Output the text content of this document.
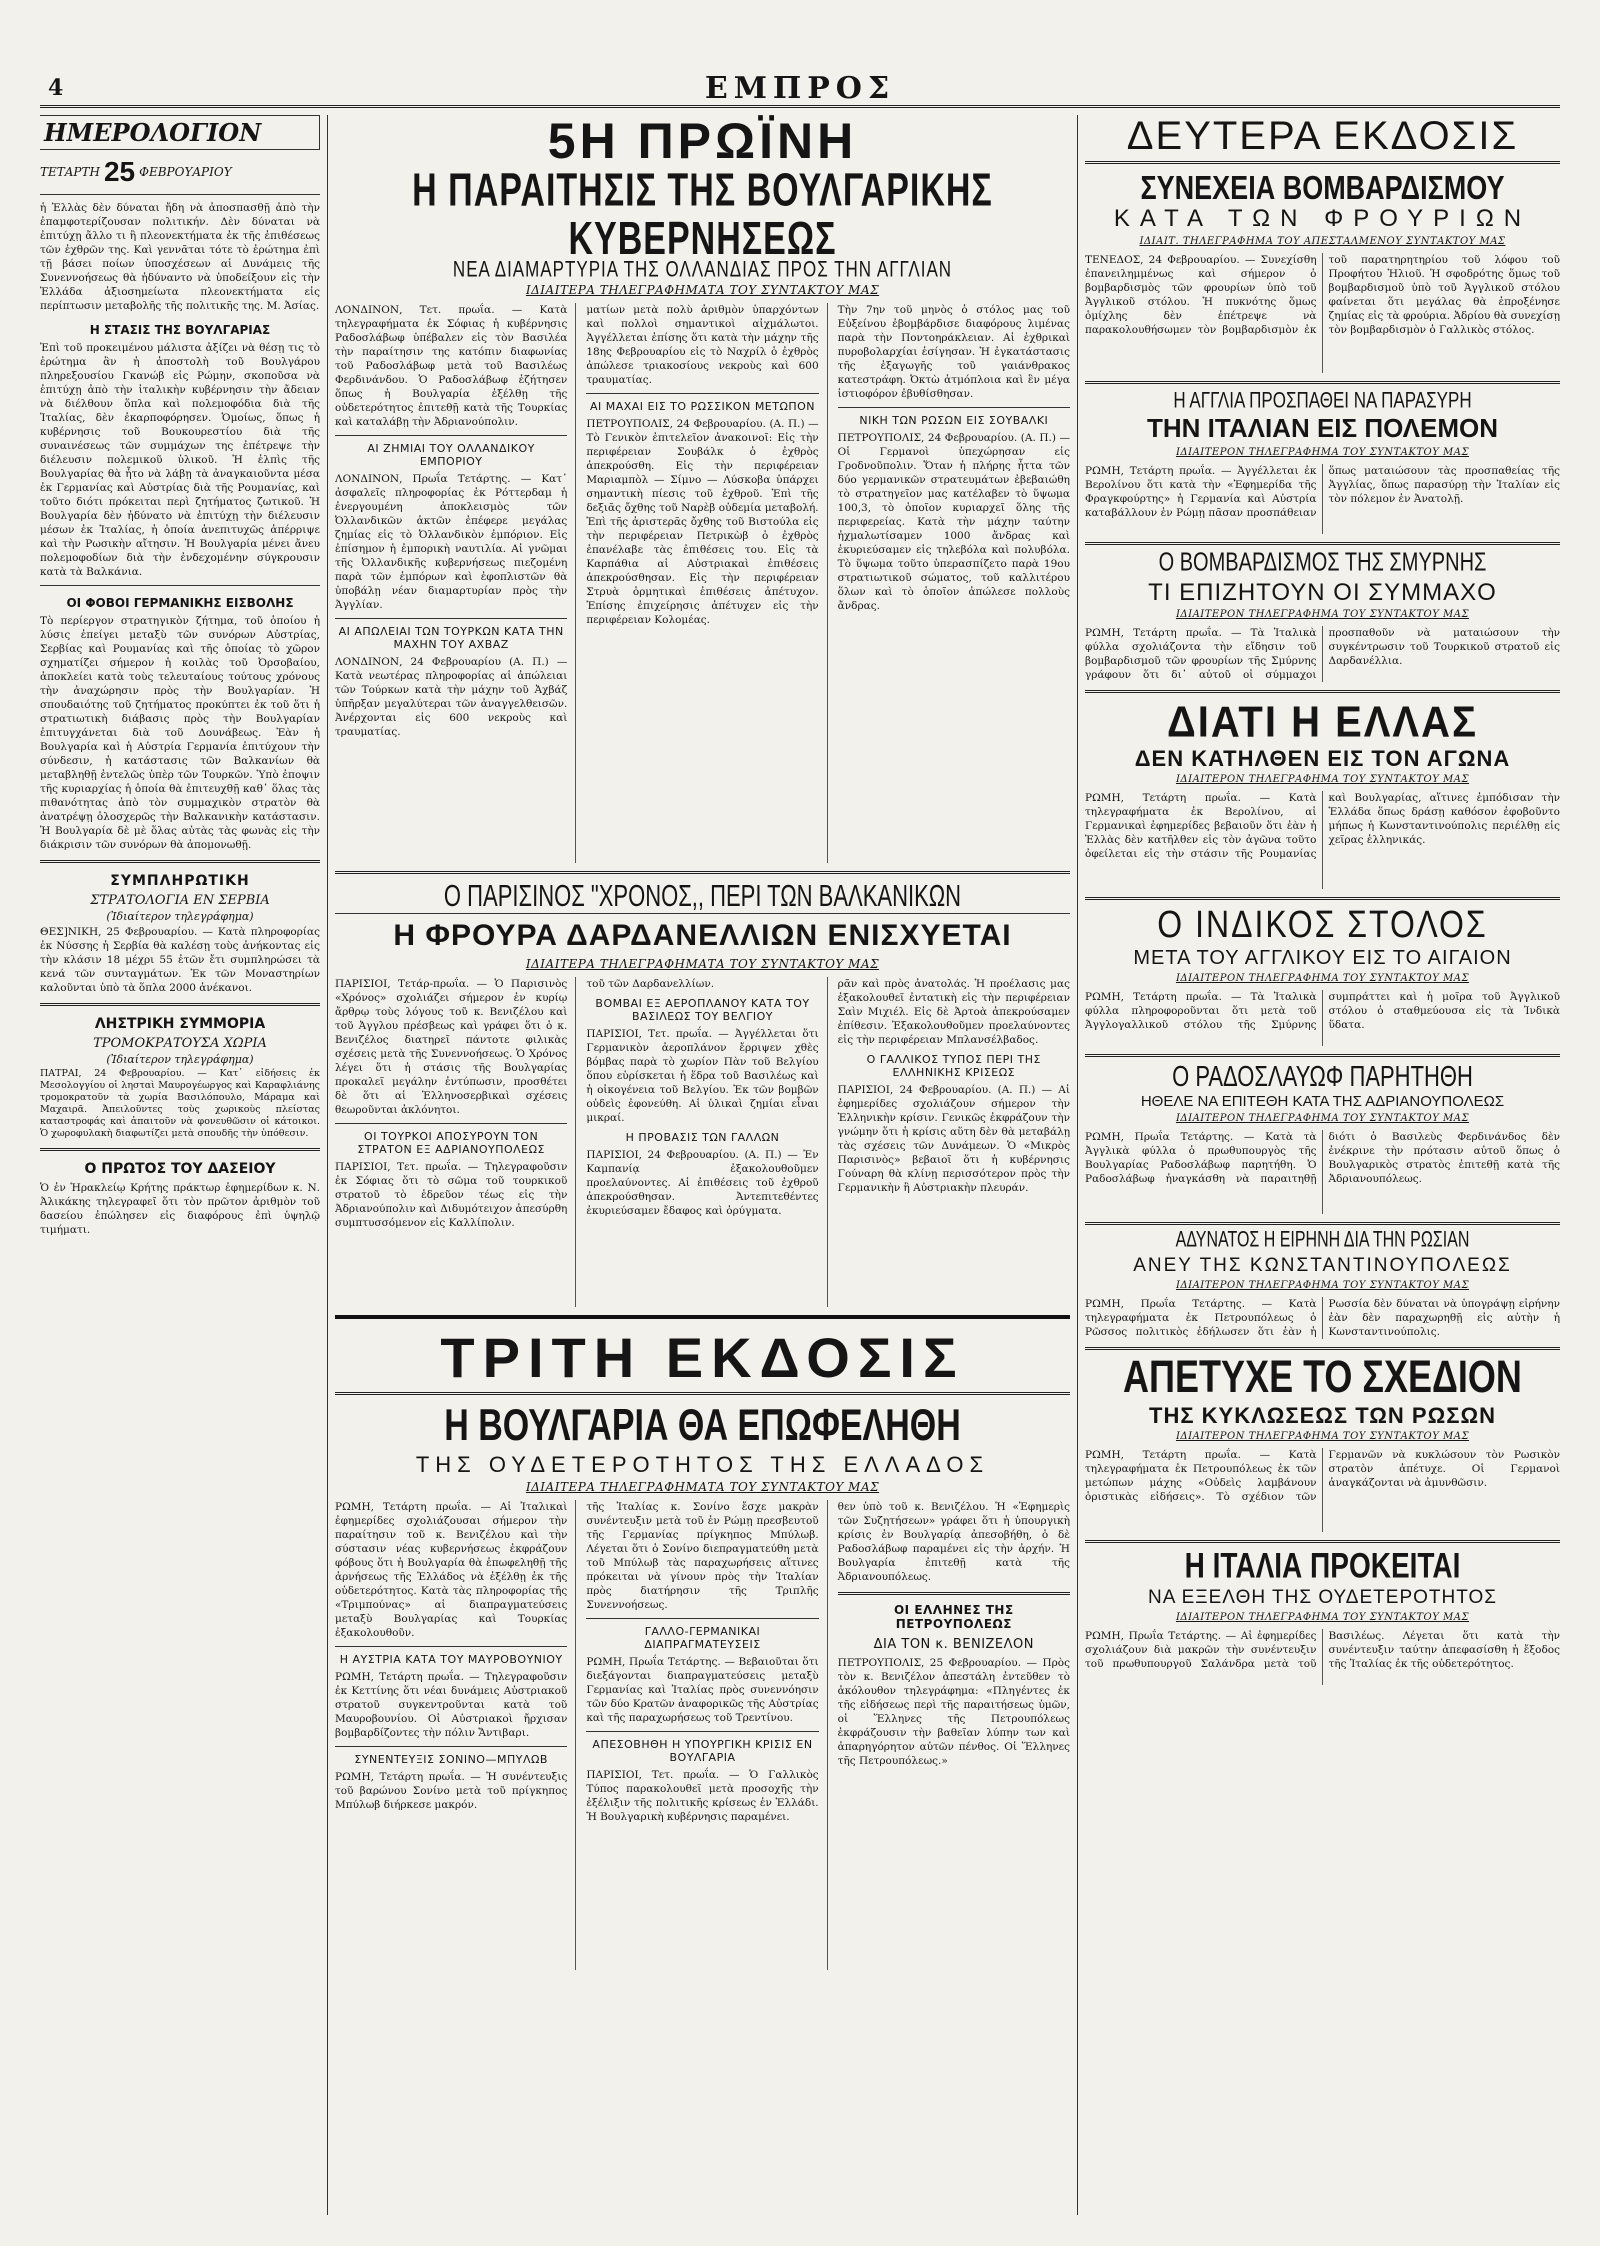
4	ΕΜΠΡΟΣ
ΗΜΕΡΟΛΟΓΙΟΝ
ΤΕΤΑΡΤΗ 25 ΦΕΒΡΟΥΑΡΙΟΥ

ἡ Ἑλλὰς δὲν δύναται ἤδη νὰ ἀποσπασθῇ ἀπὸ τὴν ἐπαμφοτερίζουσαν πολιτικήν. Δὲν δύναται νὰ ἐπιτύχῃ ἄλλο τι ἢ πλεονεκτήματα ἐκ τῆς ἐπιθέσεως τῶν ἐχθρῶν της. Καὶ γεννᾶται τότε τὸ ἐρώτημα ἐπὶ τῇ βάσει ποίων ὑποσχέσεων αἱ Δυνάμεις τῆς Συνεννοήσεως θὰ ἠδύναντο νὰ ὑποδείξουν εἰς τὴν Ἑλλάδα ἀξιοσημείωτα πλεονεκτήματα εἰς περίπτωσιν μεταβολῆς τῆς πολιτικῆς της. Μ. Ἀσίας.

Η ΣΤΑΣΙΣ ΤΗΣ ΒΟΥΛΓΑΡΙΑΣ

Ἐπὶ τοῦ προκειμένου μάλιστα ἀξίζει νὰ θέσῃ τις τὸ ἐρώτημα ἂν ἡ ἀποστολὴ τοῦ Βουλγάρου πληρεξουσίου Γκανώβ εἰς Ρώμην, σκοποῦσα νὰ ἐπιτύχῃ ἀπὸ τὴν ἰταλικὴν κυβέρνησιν τὴν ἄδειαν νὰ διέλθουν ὅπλα καὶ πολεμοφόδια διὰ τῆς Ἰταλίας, δὲν ἐκαρποφόρησεν. Ὁμοίως, ὅπως ἡ κυβέρνησις τοῦ Βουκουρεστίου διὰ τῆς συναινέσεως τῶν συμμάχων της ἐπέτρεψε τὴν διέλευσιν πολεμικοῦ ὑλικοῦ. Ἡ ἐλπὶς τῆς Βουλγαρίας θὰ ἦτο νὰ λάβῃ τὰ ἀναγκαιοῦντα μέσα ἐκ Γερμανίας καὶ Αὐστρίας διὰ τῆς Ρουμανίας, καὶ τοῦτο διότι πρόκειται περὶ ζητήματος ζωτικοῦ. Ἡ Βουλγαρία δὲν ἠδύνατο νὰ ἐπιτύχῃ τὴν διέλευσιν μέσων ἐκ Ἰταλίας, ἡ ὁποία ἀνεπιτυχῶς ἀπέρριψε καὶ τὴν Ρωσικὴν αἴτησιν. Ἡ Βουλγαρία μένει ἄνευ πολεμοφοδίων διὰ τὴν ἐνδεχομένην σύγκρουσιν κατὰ τὰ Βαλκάνια.

ΟΙ ΦΟΒΟΙ ΓΕΡΜΑΝΙΚΗΣ ΕΙΣΒΟΛΗΣ

Τὸ περίεργον στρατηγικὸν ζήτημα, τοῦ ὁποίου ἡ λύσις ἐπείγει μεταξὺ τῶν συνόρων Αὐστρίας, Σερβίας καὶ Ρουμανίας καὶ τῆς ὁποίας τὸ χῶρον σχηματίζει σήμερον ἡ κοιλὰς τοῦ Ὀρσοβαίου, ἀποκλείει κατὰ τοὺς τελευταίους τούτους χρόνους τὴν ἀναχώρησιν πρὸς τὴν Βουλγαρίαν. Ἡ σπουδαιότης τοῦ ζητήματος προκύπτει ἐκ τοῦ ὅτι ἡ στρατιωτικὴ διάβασις πρὸς τὴν Βουλγαρίαν ἐπιτυγχάνεται διὰ τοῦ Δουνάβεως. Ἐὰν ἡ Βουλγαρία καὶ ἡ Αὐστρία Γερμανία ἐπιτύχουν τὴν σύνδεσιν, ἡ κατάστασις τῶν Βαλκανίων θὰ μεταβληθῇ ἐντελῶς ὑπὲρ τῶν Τουρκῶν. Ὑπὸ ἐποψιν τῆς κυριαρχίας ἡ ὁποία θὰ ἐπιτευχθῇ καθ᾽ ὅλας τὰς πιθανότητας ἀπὸ τὸν συμμαχικὸν στρατὸν θὰ ἀνατρέψῃ ὁλοσχερῶς τὴν Βαλκανικὴν κατάστασιν. Ἡ Βουλγαρία δὲ μὲ ὅλας αὐτὰς τὰς φωνὰς εἰς τὴν διάκρισιν τῶν συνόρων θὰ ἀπομονωθῇ.

ΣΥΜΠΛΗΡΩΤΙΚΗ
ΣΤΡΑΤΟΛΟΓΙΑ ΕΝ ΣΕΡΒΙΑ
(Ἰδιαίτερον τηλεγράφημα)

ΘΕΣ]ΝΙΚΗ, 25 Φεβρουαρίου. — Κατὰ πληροφορίας ἐκ Νύσσης ἡ Σερβία θὰ καλέσῃ τοὺς ἀνήκοντας εἰς τὴν κλάσιν 18 μέχρι 55 ἐτῶν ἔτι συμπληρώσει τὰ κενά τῶν συνταγμάτων. Ἐκ τῶν Μοναστηρίων καλοῦνται ὑπὸ τὰ ὅπλα 2000 ἀνέκανοι.

ΛΗΣΤΡΙΚΗ ΣΥΜΜΟΡΙΑ
ΤΡΟΜΟΚΡΑΤΟΥΣΑ ΧΩΡΙΑ
(Ἰδιαίτερον τηλεγράφημα)

ΠΑΤΡΑΙ, 24 Φεβρουαρίου. — Κατ᾽ εἰδήσεις ἐκ Μεσολογγίου οἱ λησταὶ Μαυρογέωργος καὶ Καραφλιάνης τρομοκρατοῦν τὰ χωρία Βασιλόπουλο, Μάραμα καὶ Μαχαιρᾶ. Ἀπειλοῦντες τοὺς χωρικοὺς πλείστας καταστροφάς καὶ ἀπαιτοῦν νὰ φονευθῶσιν οἱ κάτοικοι. Ὁ χωροφυλακὴ διαφωτίζει μετὰ σπουδῆς τὴν ὑπόθεσιν.

Ο ΠΡΩΤΟΣ ΤΟΥ ΔΑΣΕΙΟΥ

Ὁ ἐν Ἡρακλείῳ Κρήτης πράκτωρ ἐφημερίδων κ. Ν. Ἀλικάκης τηλεγραφεῖ ὅτι τὸν πρῶτον ἀριθμὸν τοῦ δασείου ἐπώλησεν εἰς διαφόρους ἐπὶ ὑψηλῷ τιμήματι.

5Η ΠΡΩΪΝΗ
Η ΠΑΡΑΙΤΗΣΙΣ ΤΗΣ ΒΟΥΛΓΑΡΙΚΗΣ ΚΥΒΕΡΝΗΣΕΩΣ
ΝΕΑ ΔΙΑΜΑΡΤΥΡΙΑ ΤΗΣ ΟΛΛΑΝΔΙΑΣ ΠΡΟΣ ΤΗΝ ΑΓΓΛΙΑΝ
ΙΔΙΑΙΤΕΡΑ ΤΗΛΕΓΡΑΦΗΜΑΤΑ ΤΟΥ ΣΥΝΤΑΚΤΟΥ ΜΑΣ

ΛΟΝΔΙΝΟΝ, Τετ. πρωΐα. — Κατὰ τηλεγραφήματα ἐκ Σόφιας ἡ κυβέρνησις Ραδοσλάβωφ ὑπέβαλεν εἰς τὸν Βασιλέα τὴν παραίτησιν της κατόπιν διαφωνίας τοῦ Ραδοσλάβωφ μετὰ τοῦ Βασιλέως Φερδινάνδου. Ὁ Ραδοσλάβωφ ἐζήτησεν ὅπως ἡ Βουλγαρία ἐξέλθῃ τῆς οὐδετερότητος ἐπιτεθῇ κατὰ τῆς Τουρκίας καὶ καταλάβῃ τὴν Ἀδριανούπολιν.

ΑΙ ΖΗΜΙΑΙ ΤΟΥ ΟΛΛΑΝΔΙΚΟΥ ΕΜΠΟΡΙΟΥ

ΛΟΝΔΙΝΟΝ, Πρωΐα Τετάρτης. — Κατ᾽ ἀσφαλεῖς πληροφορίας ἐκ Ρόττερδαμ ἡ ἐνεργουμένη ἀποκλεισμὸς τῶν Ὀλλανδικῶν ἀκτῶν ἐπέφερε μεγάλας ζημίας εἰς τὸ Ὀλλανδικὸν ἐμπόριον. Εἰς ἐπίσημον ἡ ἐμπορικὴ ναυτιλία. Αἱ γνῶμαι τῆς Ὀλλανδικῆς κυβερνήσεως πιεζομένη παρὰ τῶν ἐμπόρων καὶ ἐφοπλιστῶν θὰ ὑποβάλῃ νέαν διαμαρτυρίαν πρὸς τὴν Ἀγγλίαν.

ΑΙ ΑΠΩΛΕΙΑΙ ΤΩΝ ΤΟΥΡΚΩΝ ΚΑΤΑ ΤΗΝ ΜΑΧΗΝ ΤΟΥ ΑΧΒΑΖ

ΛΟΝΔΙΝΟΝ, 24 Φεβρουαρίου (Α. Π.) — Κατὰ νεωτέρας πληροφορίας αἱ ἀπώλειαι τῶν Τούρκων κατὰ τὴν μάχην τοῦ Ἀχβάζ ὑπῆρξαν μεγαλύτεραι τῶν ἀναγγελθεισῶν. Ἀνέρχονται εἰς 600 νεκροὺς καὶ τραυματίας.

ματίων μετὰ πολὺ ἀριθμὸν ὑπαρχόντων καὶ πολλοὶ σημαντικοὶ αἰχμάλωτοι. Ἀγγέλλεται ἐπίσης ὅτι κατὰ τὴν μάχην τῆς 18ης Φεβρουαρίου εἰς τὸ Ναχρίλ ὁ ἐχθρὸς ἀπώλεσε τριακοσίους νεκροὺς καὶ 600 τραυματίας.

ΑΙ ΜΑΧΑΙ ΕΙΣ ΤΟ ΡΩΣΣΙΚΟΝ ΜΕΤΩΠΟΝ

ΠΕΤΡΟΥΠΟΛΙΣ, 24 Φεβρουαρίου. (Α. Π.) — Τὸ Γενικὸν ἐπιτελεῖον ἀνακοινοῖ: Εἰς τὴν περιφέρειαν Σουβάλκ ὁ ἐχθρὸς ἀπεκρούσθη. Εἰς τὴν περιφέρειαν Μαριαμπὸλ — Σίμνο — Λύσκοβα ὑπάρχει σημαντικὴ πίεσις τοῦ ἐχθροῦ. Ἐπὶ τῆς δεξιᾶς ὄχθης τοῦ Ναρὲβ οὐδεμία μεταβολή. Ἐπὶ τῆς ἀριστερᾶς ὄχθης τοῦ Βιστούλα εἰς τὴν περιφέρειαν Πετρικὼβ ὁ ἐχθρὸς ἐπανέλαβε τὰς ἐπιθέσεις του. Εἰς τὰ Καρπάθια αἱ Αὐστριακαὶ ἐπιθέσεις ἀπεκρούσθησαν. Εἰς τὴν περιφέρειαν Στρυὰ ὁρμητικαὶ ἐπιθέσεις ἀπέτυχον. Ἐπίσης ἐπιχείρησις ἀπέτυχεν εἰς τὴν περιφέρειαν Κολομέας.

Τὴν 7ην τοῦ μηνὸς ὁ στόλος μας τοῦ Εὐξείνου ἐβομβάρδισε διαφόρους λιμένας παρὰ τὴν Ποντοηράκλειαν. Αἱ ἐχθρικαὶ πυροβολαρχίαι ἐσίγησαν. Ἡ ἐγκατάστασις τῆς ἐξαγωγῆς τοῦ γαιάνθρακος κατεστράφη. Ὀκτὼ ἀτμόπλοια καὶ ἓν μέγα ἱστιοφόρον ἐβυθίσθησαν.

ΝΙΚΗ ΤΩΝ ΡΩΣΩΝ ΕΙΣ ΣΟΥΒΑΛΚΙ

ΠΕΤΡΟΥΠΟΛΙΣ, 24 Φεβρουαρίου. (Α. Π.) — Οἱ Γερμανοὶ ὑπεχώρησαν εἰς Γροδνοῦπολιν. Ὅταν ἡ πλήρης ἧττα τῶν δύο γερμανικῶν στρατευμάτων ἐβεβαιώθη τὸ στρατηγεῖον μας κατέλαβεν τὸ ὕψωμα 100,3, τὸ ὁποῖον κυριαρχεῖ ὅλης τῆς περιφερείας. Κατὰ τὴν μάχην ταύτην ἠχμαλωτίσαμεν 1000 ἄνδρας καὶ ἐκυριεύσαμεν εἰς τηλεβόλα καὶ πολυβόλα. Τὸ ὕψωμα τοῦτο ὑπερασπίζετο παρὰ 19ου στρατιωτικοῦ σώματος, τοῦ καλλιτέρου ὅλων καὶ τὸ ὁποῖον ἀπώλεσε πολλοὺς ἄνδρας.

Ο ΠΑΡΙΣΙΝΟΣ "ΧΡΟΝΟΣ,, ΠΕΡΙ ΤΩΝ ΒΑΛΚΑΝΙΚΩΝ
Η ΦΡΟΥΡΑ ΔΑΡΔΑΝΕΛΛΙΩΝ ΕΝΙΣΧΥΕΤΑΙ
ΙΔΙΑΙΤΕΡΑ ΤΗΛΕΓΡΑΦΗΜΑΤΑ ΤΟΥ ΣΥΝΤΑΚΤΟΥ ΜΑΣ

ΠΑΡΙΣΙΟΙ, Τετάρ-πρωΐα. — Ὁ Παρισινὸς «Χρόνος» σχολιάζει σήμερον ἐν κυρίῳ ἄρθρῳ τοὺς λόγους τοῦ κ. Βενιζέλου καὶ τοῦ Ἀγγλου πρέσβεως καὶ γράφει ὅτι ὁ κ. Βενιζέλος διατηρεῖ πάντοτε φιλικὰς σχέσεις μετὰ τῆς Συνεννοήσεως. Ὁ Χρόνος λέγει ὅτι ἡ στάσις τῆς Βουλγαρίας προκαλεῖ μεγάλην ἐντύπωσιν, προσθέτει δὲ ὅτι αἱ Ἑλληνοσερβικαὶ σχέσεις θεωροῦνται ἀκλόνητοι.

ΟΙ ΤΟΥΡΚΟΙ ΑΠΟΣΥΡΟΥΝ ΤΟΝ ΣΤΡΑΤΟΝ ΕΞ ΑΔΡΙΑΝΟΥΠΟΛΕΩΣ

ΠΑΡΙΣΙΟΙ, Τετ. πρωΐα. — Τηλεγραφοῦσιν ἐκ Σόφιας ὅτι τὸ σῶμα τοῦ τουρκικοῦ στρατοῦ τὸ ἑδρεῦον τέως εἰς τὴν Ἀδριανούπολιν καὶ Διδυμότειχον ἀπεσύρθη συμπτυσσόμενον εἰς Καλλίπολιν.

τοῦ τῶν Δαρδανελλίων.

ΒΟΜΒΑΙ ΕΞ ΑΕΡΟΠΛΑΝΟΥ ΚΑΤΑ ΤΟΥ ΒΑΣΙΛΕΩΣ ΤΟΥ ΒΕΛΓΙΟΥ

ΠΑΡΙΣΙΟΙ, Τετ. πρωΐα. — Ἀγγέλλεται ὅτι Γερμανικὸν ἀεροπλάνον ἔρριψεν χθὲς βόμβας παρὰ τὸ χωρίον Πὰν τοῦ Βελγίου ὅπου εὑρίσκεται ἡ ἕδρα τοῦ Βασιλέως καὶ ἡ οἰκογένεια τοῦ Βελγίου. Ἐκ τῶν βομβῶν οὐδεὶς ἐφονεύθη. Αἱ ὑλικαὶ ζημίαι εἶναι μικραί.

Η ΠΡΟΒΑΣΙΣ ΤΩΝ ΓΑΛΛΩΝ

ΠΑΡΙΣΙΟΙ, 24 Φεβρουαρίου. (Α. Π.) — Ἐν Καμπανίᾳ ἐξακολουθοῦμεν προελαύνοντες. Αἱ ἐπιθέσεις τοῦ ἐχθροῦ ἀπεκρούσθησαν. Ἀντεπιτεθέντες ἐκυριεύσαμεν ἔδαφος καὶ ὀρύγματα.

ρᾶν καὶ πρὸς ἀνατολάς. Ἡ προέλασις μας ἐξακολουθεῖ ἐντατικὴ εἰς τὴν περιφέρειαν Σαὶν Μιχιέλ. Εἰς δὲ Ἀρτοὰ ἀπεκρούσαμεν ἐπίθεσιν. Ἐξακολουθοῦμεν προελαύνοντες εἰς τὴν περιφέρειαν Μπλανσέλβαδος.

Ο ΓΑΛΛΙΚΟΣ ΤΥΠΟΣ ΠΕΡΙ ΤΗΣ ΕΛΛΗΝΙΚΗΣ ΚΡΙΣΕΩΣ

ΠΑΡΙΣΙΟΙ, 24 Φεβρουαρίου. (Α. Π.) — Αἱ ἐφημερίδες σχολιάζουν σήμερον τὴν Ἑλληνικὴν κρίσιν. Γενικῶς ἐκφράζουν τὴν γνώμην ὅτι ἡ κρίσις αὕτη δὲν θὰ μεταβάλῃ τὰς σχέσεις τῶν Δυνάμεων. Ὁ «Μικρὸς Παρισινὸς» βεβαιοῖ ὅτι ἡ κυβέρνησις Γούναρη θὰ κλίνῃ περισσότερον πρὸς τὴν Γερμανικὴν ἢ Αὐστριακὴν πλευράν.

ΤΡΙΤΗ ΕΚΔΟΣΙΣ
Η ΒΟΥΛΓΑΡΙΑ ΘΑ ΕΠΩΦΕΛΗΘΗ
ΤΗΣ ΟΥΔΕΤΕΡΟΤΗΤΟΣ ΤΗΣ ΕΛΛΑΔΟΣ
ΙΔΙΑΙΤΕΡΑ ΤΗΛΕΓΡΑΦΗΜΑΤΑ ΤΟΥ ΣΥΝΤΑΚΤΟΥ ΜΑΣ

ΡΩΜΗ, Τετάρτη πρωΐα. — Αἱ Ἰταλικαὶ ἐφημερίδες σχολιάζουσαι σήμερον τὴν παραίτησιν τοῦ κ. Βενιζέλου καὶ τὴν σύστασιν νέας κυβερνήσεως ἐκφράζουν φόβους ὅτι ἡ Βουλγαρία θὰ ἐπωφεληθῇ τῆς ἀρνήσεως τῆς Ἑλλάδος νὰ ἐξέλθῃ ἐκ τῆς οὐδετερότητος. Κατὰ τὰς πληροφορίας τῆς «Τριμπούνας» αἱ διαπραγματεύσεις μεταξὺ Βουλγαρίας καὶ Τουρκίας ἐξακολουθοῦν.

Η ΑΥΣΤΡΙΑ ΚΑΤΑ ΤΟΥ ΜΑΥΡΟΒΟΥΝΙΟΥ

ΡΩΜΗ, Τετάρτη πρωΐα. — Τηλεγραφοῦσιν ἐκ Κεττίνης ὅτι νέαι δυνάμεις Αὐστριακοῦ στρατοῦ συγκεντροῦνται κατὰ τοῦ Μαυροβουνίου. Οἱ Αὐστριακοὶ ἤρχισαν βομβαρδίζοντες τὴν πόλιν Ἄντιβαρι.

ΣΥΝΕΝΤΕΥΞΙΣ ΣΟΝΙΝΟ—ΜΠΥΛΩΒ

ΡΩΜΗ, Τετάρτη πρωΐα. — Ἡ συνέντευξις τοῦ βαρώνου Σονίνο μετὰ τοῦ πρίγκηπος Μπύλωβ διήρκεσε μακρόν.

τῆς Ἰταλίας κ. Σονίνο ἔσχε μακρὰν συνέντευξιν μετὰ τοῦ ἐν Ρώμῃ πρεσβευτοῦ τῆς Γερμανίας πρίγκηπος Μπύλωβ. Λέγεται ὅτι ὁ Σονίνο διεπραγματεύθη μετὰ τοῦ Μπύλωβ τὰς παραχωρήσεις αἵτινες πρόκειται νὰ γίνουν πρὸς τὴν Ἰταλίαν πρὸς διατήρησιν τῆς Τριπλῆς Συνεννοήσεως.

ΓΑΛΛΟ-ΓΕΡΜΑΝΙΚΑΙ ΔΙΑΠΡΑΓΜΑΤΕΥΣΕΙΣ

ΡΩΜΗ, Πρωΐα Τετάρτης. — Βεβαιοῦται ὅτι διεξάγονται διαπραγματεύσεις μεταξὺ Γερμανίας καὶ Ἰταλίας πρὸς συνεννόησιν τῶν δύο Κρατῶν ἀναφορικῶς τῆς Αὐστρίας καὶ τῆς παραχωρήσεως τοῦ Τρεντίνου.

ΑΠΕΣΟΒΗΘΗ Η ΥΠΟΥΡΓΙΚΗ ΚΡΙΣΙΣ ΕΝ ΒΟΥΛΓΑΡΙΑ

ΠΑΡΙΣΙΟΙ, Τετ. πρωΐα. — Ὁ Γαλλικὸς Τύπος παρακολουθεῖ μετὰ προσοχῆς τὴν ἐξέλιξιν τῆς πολιτικῆς κρίσεως ἐν Ἑλλάδι. Ἡ Βουλγαρικὴ κυβέρνησις παραμένει.

θεν ὑπὸ τοῦ κ. Βενιζέλου. Ἡ «Ἐφημερὶς τῶν Συζητήσεων» γράφει ὅτι ἡ ὑπουργικὴ κρίσις ἐν Βουλγαρίᾳ ἀπεσοβήθη, ὁ δὲ Ραδοσλάβωφ παραμένει εἰς τὴν ἀρχήν. Ἡ Βουλγαρία ἐπιτεθῇ κατὰ τῆς Ἀδριανουπόλεως.

ΟΙ ΕΛΛΗΝΕΣ ΤΗΣ ΠΕΤΡΟΥΠΟΛΕΩΣ
ΔΙΑ ΤΟΝ κ. ΒΕΝΙΖΕΛΟΝ

ΠΕΤΡΟΥΠΟΛΙΣ, 25 Φεβρουαρίου. — Πρὸς τὸν κ. Βενιζέλον ἀπεστάλη ἐντεῦθεν τὸ ἀκόλουθον τηλεγράφημα: «Πληγέντες ἐκ τῆς εἰδήσεως περὶ τῆς παραιτήσεως ὑμῶν, οἱ Ἕλληνες τῆς Πετρουπόλεως ἐκφράζουσιν τὴν βαθεῖαν λύπην των καὶ ἀπαρηγόρητον αὐτῶν πένθος. Οἱ Ἕλληνες τῆς Πετρουπόλεως.»

ΔΕΥΤΕΡΑ ΕΚΔΟΣΙΣ
ΣΥΝΕΧΕΙΑ ΒΟΜΒΑΡΔΙΣΜΟΥ
ΚΑΤΑ ΤΩΝ ΦΡΟΥΡΙΩΝ
ΙΔΙΑΙΤ. ΤΗΛΕΓΡΑΦΗΜΑ ΤΟΥ ΑΠΕΣΤΑΛΜΕΝΟΥ ΣΥΝΤΑΚΤΟΥ ΜΑΣ

ΤΕΝΕΔΟΣ, 24 Φεβρουαρίου. — Συνεχίσθη ἐπανειλημμένως καὶ σήμερον ὁ βομβαρδισμὸς τῶν φρουρίων ὑπὸ τοῦ Ἀγγλικοῦ στόλου. Ἡ πυκνότης ὅμως ὁμίχλης δὲν ἐπέτρεψε νὰ παρακολουθήσωμεν τὸν βομβαρδισμὸν ἐκ τοῦ παρατηρητηρίου τοῦ λόφου τοῦ Προφήτου Ἠλιοῦ. Ἡ σφοδρότης ὅμως τοῦ βομβαρδισμοῦ ὑπὸ τοῦ Ἀγγλικοῦ στόλου φαίνεται ὅτι μεγάλας θὰ ἐπροξένησε ζημίας εἰς τὰ φρούρια. Ἀδρίου θὰ συνεχίσῃ τὸν βομβαρδισμὸν ὁ Γαλλικὸς στόλος.

Η ΑΓΓΛΙΑ ΠΡΟΣΠΑΘΕΙ ΝΑ ΠΑΡΑΣΥΡΗ
ΤΗΝ ΙΤΑΛΙΑΝ ΕΙΣ ΠΟΛΕΜΟΝ
ΙΔΙΑΙΤΕΡΟΝ ΤΗΛΕΓΡΑΦΗΜΑ ΤΟΥ ΣΥΝΤΑΚΤΟΥ ΜΑΣ

ΡΩΜΗ, Τετάρτη πρωΐα. — Ἀγγέλλεται ἐκ Βερολίνου ὅτι κατὰ τὴν «Ἐφημερίδα τῆς Φραγκφούρτης» ἡ Γερμανία καὶ Αὐστρία καταβάλλουν ἐν Ρώμῃ πᾶσαν προσπάθειαν ὅπως ματαιώσουν τὰς προσπαθείας τῆς Ἀγγλίας, ὅπως παρασύρῃ τὴν Ἰταλίαν εἰς τὸν πόλεμον ἐν Ἀνατολῇ.

Ο ΒΟΜΒΑΡΔΙΣΜΟΣ ΤΗΣ ΣΜΥΡΝΗΣ
ΤΙ ΕΠΙΖΗΤΟΥΝ ΟΙ ΣΥΜΜΑΧΟ
ΙΔΙΑΙΤΕΡΟΝ ΤΗΛΕΓΡΑΦΗΜΑ ΤΟΥ ΣΥΝΤΑΚΤΟΥ ΜΑΣ

ΡΩΜΗ, Τετάρτη πρωΐα. — Τὰ Ἰταλικὰ φύλλα σχολιάζοντα τὴν εἴδησιν τοῦ βομβαρδισμοῦ τῶν φρουρίων τῆς Σμύρνης γράφουν ὅτι δι᾽ αὐτοῦ οἱ σύμμαχοι προσπαθοῦν νὰ ματαιώσουν τὴν συγκέντρωσιν τοῦ Τουρκικοῦ στρατοῦ εἰς Δαρδανέλλια.

ΔΙΑΤΙ Η ΕΛΛΑΣ
ΔΕΝ ΚΑΤΗΛΘΕΝ ΕΙΣ ΤΟΝ ΑΓΩΝΑ
ΙΔΙΑΙΤΕΡΟΝ ΤΗΛΕΓΡΑΦΗΜΑ ΤΟΥ ΣΥΝΤΑΚΤΟΥ ΜΑΣ

ΡΩΜΗ, Τετάρτη πρωΐα. — Κατὰ τηλεγραφήματα ἐκ Βερολίνου, αἱ Γερμανικαὶ ἐφημερίδες βεβαιοῦν ὅτι ἐὰν ἡ Ἑλλὰς δὲν κατῆλθεν εἰς τὸν ἀγῶνα τοῦτο ὀφείλεται εἰς τὴν στάσιν τῆς Ρουμανίας καὶ Βουλγαρίας, αἵτινες ἐμπόδισαν τὴν Ἑλλάδα ὅπως δράσῃ καθόσον ἐφοβοῦντο μήπως ἡ Κωνσταντινούπολις περιέλθῃ εἰς χεῖρας ἑλληνικάς.

Ο ΙΝΔΙΚΟΣ ΣΤΟΛΟΣ
ΜΕΤΑ ΤΟΥ ΑΓΓΛΙΚΟΥ ΕΙΣ ΤΟ ΑΙΓΑΙΟΝ
ΙΔΙΑΙΤΕΡΟΝ ΤΗΛΕΓΡΑΦΗΜΑ ΤΟΥ ΣΥΝΤΑΚΤΟΥ ΜΑΣ

ΡΩΜΗ, Τετάρτη πρωΐα. — Τὰ Ἰταλικὰ φύλλα πληροφοροῦνται ὅτι μετὰ τοῦ Ἀγγλογαλλικοῦ στόλου τῆς Σμύρνης συμπράττει καὶ ἡ μοῖρα τοῦ Ἀγγλικοῦ στόλου ὁ σταθμεύουσα εἰς τὰ Ἰνδικὰ ὕδατα.

Ο ΡΑΔΟΣΛΑΥΩΦ ΠΑΡΗΤΗΘΗ
ΗΘΕΛΕ ΝΑ ΕΠΙΤΕΘΗ ΚΑΤΑ ΤΗΣ ΑΔΡΙΑΝΟΥΠΟΛΕΩΣ
ΙΔΙΑΙΤΕΡΟΝ ΤΗΛΕΓΡΑΦΗΜΑ ΤΟΥ ΣΥΝΤΑΚΤΟΥ ΜΑΣ

ΡΩΜΗ, Πρωΐα Τετάρτης. — Κατὰ τὰ Ἀγγλικὰ φύλλα ὁ πρωθυπουργὸς τῆς Βουλγαρίας Ραδοσλάβωφ παρητήθη. Ὁ Ραδοσλάβωφ ἠναγκάσθη νὰ παραιτηθῇ διότι ὁ Βασιλεὺς Φερδινάνδος δὲν ἐνέκρινε τὴν πρότασιν αὐτοῦ ὅπως ὁ Βουλγαρικὸς στρατὸς ἐπιτεθῇ κατὰ τῆς Ἀδριανουπόλεως.

ΑΔΥΝΑΤΟΣ Η ΕΙΡΗΝΗ ΔΙΑ ΤΗΝ ΡΩΣΙΑΝ
ΑΝΕΥ ΤΗΣ ΚΩΝΣΤΑΝΤΙΝΟΥΠΟΛΕΩΣ
ΙΔΙΑΙΤΕΡΟΝ ΤΗΛΕΓΡΑΦΗΜΑ ΤΟΥ ΣΥΝΤΑΚΤΟΥ ΜΑΣ

ΡΩΜΗ, Πρωΐα Τετάρτης. — Κατὰ τηλεγραφήματα ἐκ Πετρουπόλεως ὁ Ρῶσσος πολιτικὸς ἐδήλωσεν ὅτι ἐὰν ἡ Ρωσσία δὲν δύναται νὰ ὑπογράψῃ εἰρήνην ἐὰν δὲν παραχωρηθῇ εἰς αὐτὴν ἡ Κωνσταντινούπολις.

ΑΠΕΤΥΧΕ ΤΟ ΣΧΕΔΙΟΝ
ΤΗΣ ΚΥΚΛΩΣΕΩΣ ΤΩΝ ΡΩΣΩΝ
ΙΔΙΑΙΤΕΡΟΝ ΤΗΛΕΓΡΑΦΗΜΑ ΤΟΥ ΣΥΝΤΑΚΤΟΥ ΜΑΣ

ΡΩΜΗ, Τετάρτη πρωΐα. — Κατὰ τηλεγραφήματα ἐκ Πετρουπόλεως ἐκ τῶν μετώπων μάχης «Οὐδεὶς λαμβάνουν ὁριστικὰς εἰδήσεις». Τὸ σχέδιον τῶν Γερμανῶν νὰ κυκλώσουν τὸν Ρωσικὸν στρατὸν ἀπέτυχε. Οἱ Γερμανοὶ ἀναγκάζονται νὰ ἀμυνθῶσιν.

Η ΙΤΑΛΙΑ ΠΡΟΚΕΙΤΑΙ
ΝΑ ΕΞΕΛΘΗ ΤΗΣ ΟΥΔΕΤΕΡΟΤΗΤΟΣ
ΙΔΙΑΙΤΕΡΟΝ ΤΗΛΕΓΡΑΦΗΜΑ ΤΟΥ ΣΥΝΤΑΚΤΟΥ ΜΑΣ

ΡΩΜΗ, Πρωΐα Τετάρτης. — Αἱ ἐφημερίδες σχολιάζουν διὰ μακρῶν τὴν συνέντευξιν τοῦ πρωθυπουργοῦ Σαλάνδρα μετὰ τοῦ Βασιλέως. Λέγεται ὅτι κατὰ τὴν συνέντευξιν ταύτην ἀπεφασίσθη ἡ ἔξοδος τῆς Ἰταλίας ἐκ τῆς οὐδετερότητος.
